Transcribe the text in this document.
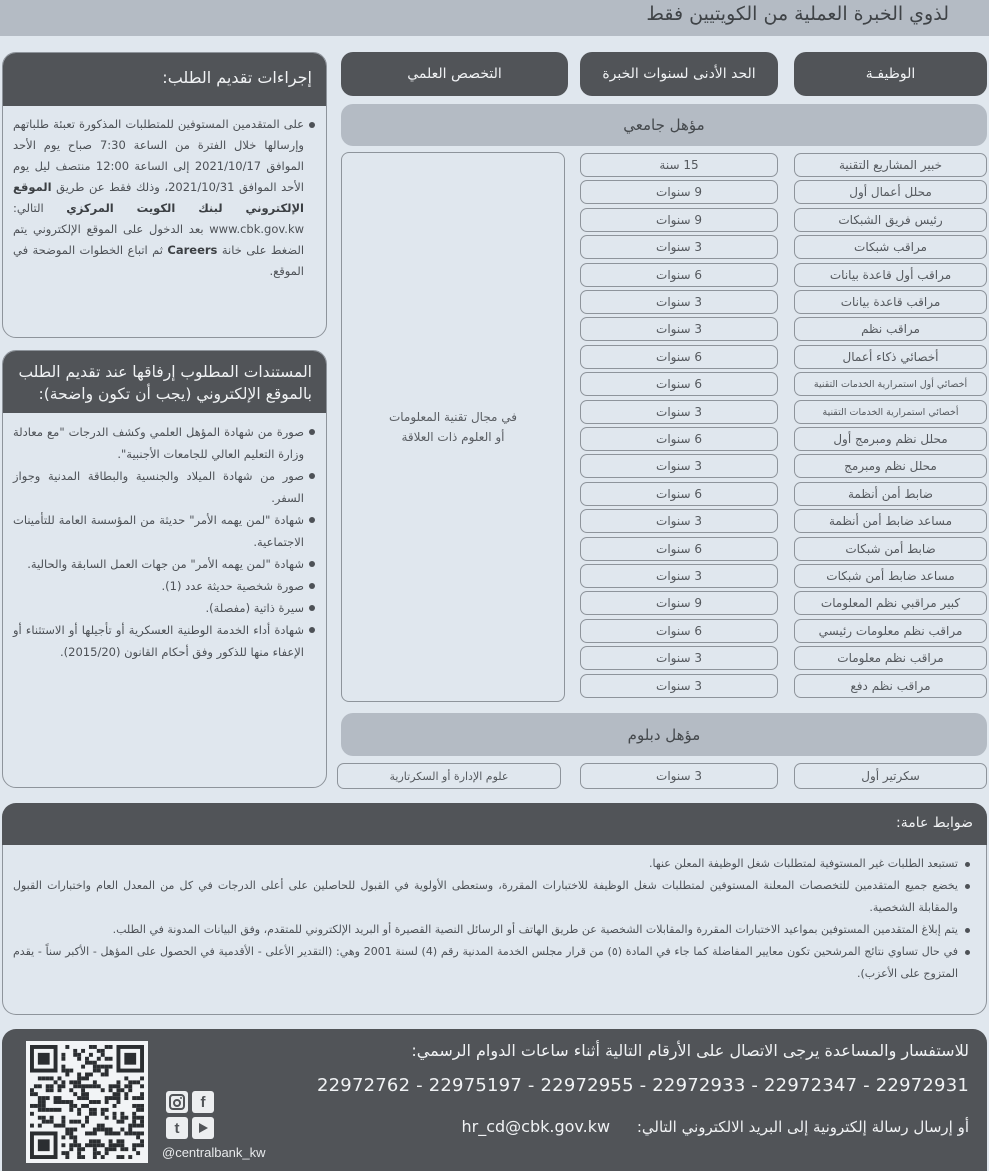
لذوي الخبرة العملية من الكويتيين فقط
الوظيفـة
الحد الأدنى لسنوات الخبرة
التخصص العلمي
مؤهل جامعي
خبير المشاريع التقنية
15 سنة
محلل أعمال أول
9 سنوات
رئيس فريق الشبكات
9 سنوات
مراقب شبكات
3 سنوات
مراقب أول قاعدة بيانات
6 سنوات
مراقب قاعدة بيانات
3 سنوات
مراقب نظم
3 سنوات
أخصائي ذكاء أعمال
6 سنوات
أخصائي أول استمرارية الخدمات التقنية
6 سنوات
أخصائي استمرارية الخدمات التقنية
3 سنوات
محلل نظم ومبرمج أول
6 سنوات
محلل نظم ومبرمج
3 سنوات
ضابط أمن أنظمة
6 سنوات
مساعد ضابط أمن أنظمة
3 سنوات
ضابط أمن شبكات
6 سنوات
مساعد ضابط أمن شبكات
3 سنوات
كبير مراقبي نظم المعلومات
9 سنوات
مراقب نظم معلومات رئيسي
6 سنوات
مراقب نظم معلومات
3 سنوات
مراقب نظم دفع
3 سنوات
في مجال تقنية المعلومات
أو العلوم ذات العلاقة
مؤهل دبلوم
سكرتير أول
3 سنوات
علوم الإدارة أو السكرتارية
إجراءات تقديم الطلب:
على المتقدمين المستوفين للمتطلبات المذكورة تعبئة طلباتهم وإرسالها خلال الفترة من الساعة 7:30 صباح يوم الأحد الموافق 2021/10/17 إلى الساعة 12:00 منتصف ليل يوم الأحد الموافق 2021/10/31، وذلك فقط عن طريق الموقع الإلكتروني لبنك الكويت المركزي التالي: www.cbk.gov.kw بعد الدخول على الموقع الإلكتروني يتم الضغط على خانة Careers ثم اتباع الخطوات الموضحة في الموقع.
المستندات المطلوب إرفاقها عند تقديم الطلب بالموقع الإلكتروني (يجب أن تكون واضحة):
صورة من شهادة المؤهل العلمي وكشف الدرجات "مع معادلة وزارة التعليم العالي للجامعات الأجنبية".
صور من شهادة الميلاد والجنسية والبطاقة المدنية وجواز السفر.
شهادة "لمن يهمه الأمر" حديثة من المؤسسة العامة للتأمينات الاجتماعية.
شهادة "لمن يهمه الأمر" من جهات العمل السابقة والحالية.
صورة شخصية حديثة عدد (1).
سيرة ذاتية (مفصلة).
شهادة أداء الخدمة الوطنية العسكرية أو تأجيلها أو الاستثناء أو الإعفاء منها للذكور وفق أحكام القانون (2015/20).
ضوابط عامة:
تستبعد الطلبات غير المستوفية لمتطلبات شغل الوظيفة المعلن عنها.
يخضع جميع المتقدمين للتخصصات المعلنة المستوفين لمتطلبات شغل الوظيفة للاختبارات المقررة، وستعطى الأولوية في القبول للحاصلين على أعلى الدرجات في كل من المعدل العام واختبارات القبول والمقابلة الشخصية.
يتم إبلاغ المتقدمين المستوفين بمواعيد الاختبارات المقررة والمقابلات الشخصية عن طريق الهاتف أو الرسائل النصية القصيرة أو البريد الإلكتروني للمتقدم، وفق البيانات المدونة في الطلب.
في حال تساوي نتائج المرشحين تكون معايير المفاضلة كما جاء في المادة (٥) من قرار مجلس الخدمة المدنية رقم (4) لسنة 2001 وهي: (التقدير الأعلى - الأقدمية في الحصول على المؤهل - الأكبر سناً - يقدم المتزوج على الأعزب).
للاستفسار والمساعدة يرجى الاتصال على الأرقام التالية أثناء ساعات الدوام الرسمي:
22972762 - 22975197 - 22972955 - 22972933 - 22972347 - 22972931
أو إرسال رسالة إلكترونية إلى البريد الالكتروني التالي: hr_cd@cbk.gov.kw
f
t
@centralbank_kw
